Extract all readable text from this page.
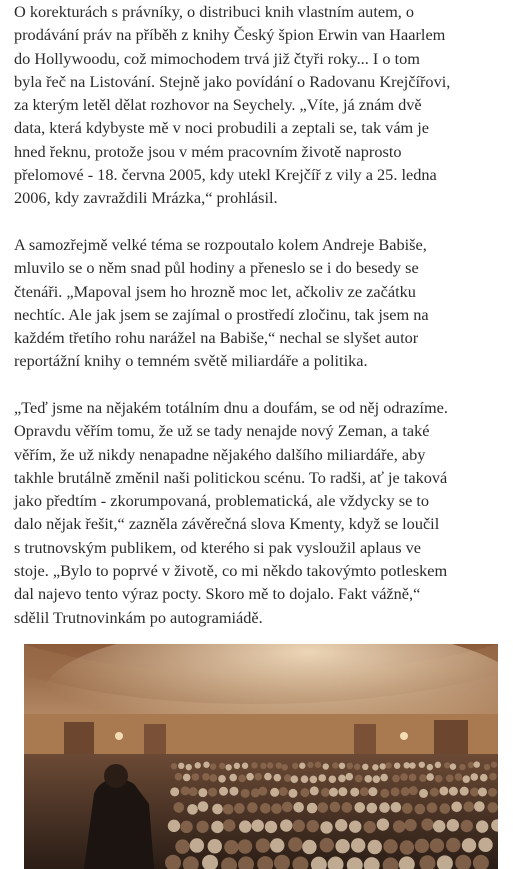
O korekturách s právníky, o distribuci knih vlastním autem, o
prodávání práv na příběh z knihy Český špion Erwin van Haarlem
do Hollywoodu, což mimochodem trvá již čtyři roky... I o tom
byla řeč na Listování. Stejně jako povídání o Radovanu Krejčířovi,
za kterým letěl dělat rozhovor na Seychely. „Víte, já znám dvě
data, která kdybyste mě v noci probudili a zeptali se, tak vám je
hned řeknu, protože jsou v mém pracovním životě naprosto
přelomové - 18. června 2005, kdy utekl Krejčíř z vily a 25. ledna
2006, kdy zavraždili Mrázka,“ prohlásil.

A samozřejmě velké téma se rozpoutalo kolem Andreje Babiše,
mluvilo se o něm snad půl hodiny a přeneslo se i do besedy se
čtenáři. „Mapoval jsem ho hrozně moc let, ačkoliv ze začátku
nechtíc. Ale jak jsem se zajímal o prostředí zločinu, tak jsem na
každém třetího rohu narážel na Babiše,“ nechal se slyšet autor
reportážní knihy o temném světě miliardáře a politika.

„Teď jsme na nějakém totálním dnu a doufám, se od něj odrazíme.
Opravdu věřím tomu, že už se tady nenajde nový Zeman, a také
věřím, že už nikdy nenapadne nějakého dalšího miliardáře, aby
takhle brutálně změnil naši politickou scénu. To radši, ať je taková
jako předtím - zkorumpovaná, problematická, ale vždycky se to
dalo nějak řešit,“ zazněla závěrečná slova Kmenty, když se loučil
s trutnovským publikem, od kterého si pak vysloužil aplaus ve
stoje. „Bylo to poprvé v životě, co mi někdo takovýmto potleskem
dal najevo tento výraz pocty. Skoro mě to dojalo. Fakt vážně,“
sdělil Trutnovinkám po autogramiádě.
